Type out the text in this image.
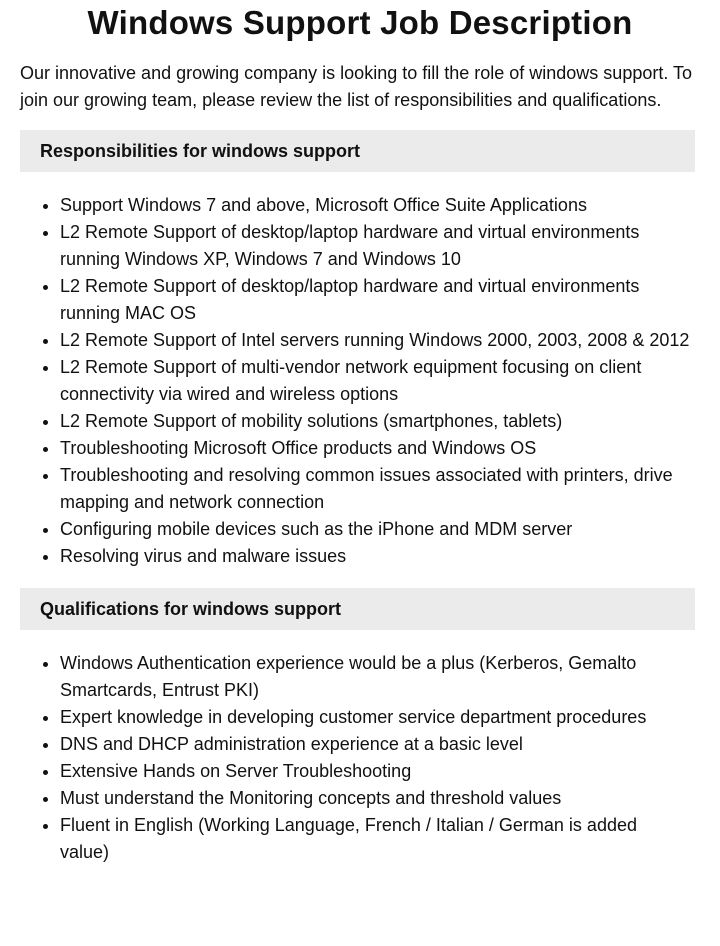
Windows Support Job Description

Our innovative and growing company is looking to fill the role of windows support. To join our growing team, please review the list of responsibilities and qualifications.

Responsibilities for windows support
• Support Windows 7 and above, Microsoft Office Suite Applications
• L2 Remote Support of desktop/laptop hardware and virtual environments running Windows XP, Windows 7 and Windows 10
• L2 Remote Support of desktop/laptop hardware and virtual environments running MAC OS
• L2 Remote Support of Intel servers running Windows 2000, 2003, 2008 & 2012
• L2 Remote Support of multi-vendor network equipment focusing on client connectivity via wired and wireless options
• L2 Remote Support of mobility solutions (smartphones, tablets)
• Troubleshooting Microsoft Office products and Windows OS
• Troubleshooting and resolving common issues associated with printers, drive mapping and network connection
• Configuring mobile devices such as the iPhone and MDM server
• Resolving virus and malware issues
Qualifications for windows support
• Windows Authentication experience would be a plus (Kerberos, Gemalto Smartcards, Entrust PKI)
• Expert knowledge in developing customer service department procedures
• DNS and DHCP administration experience at a basic level
• Extensive Hands on Server Troubleshooting
• Must understand the Monitoring concepts and threshold values
• Fluent in English (Working Language, French / Italian / German is added value)
